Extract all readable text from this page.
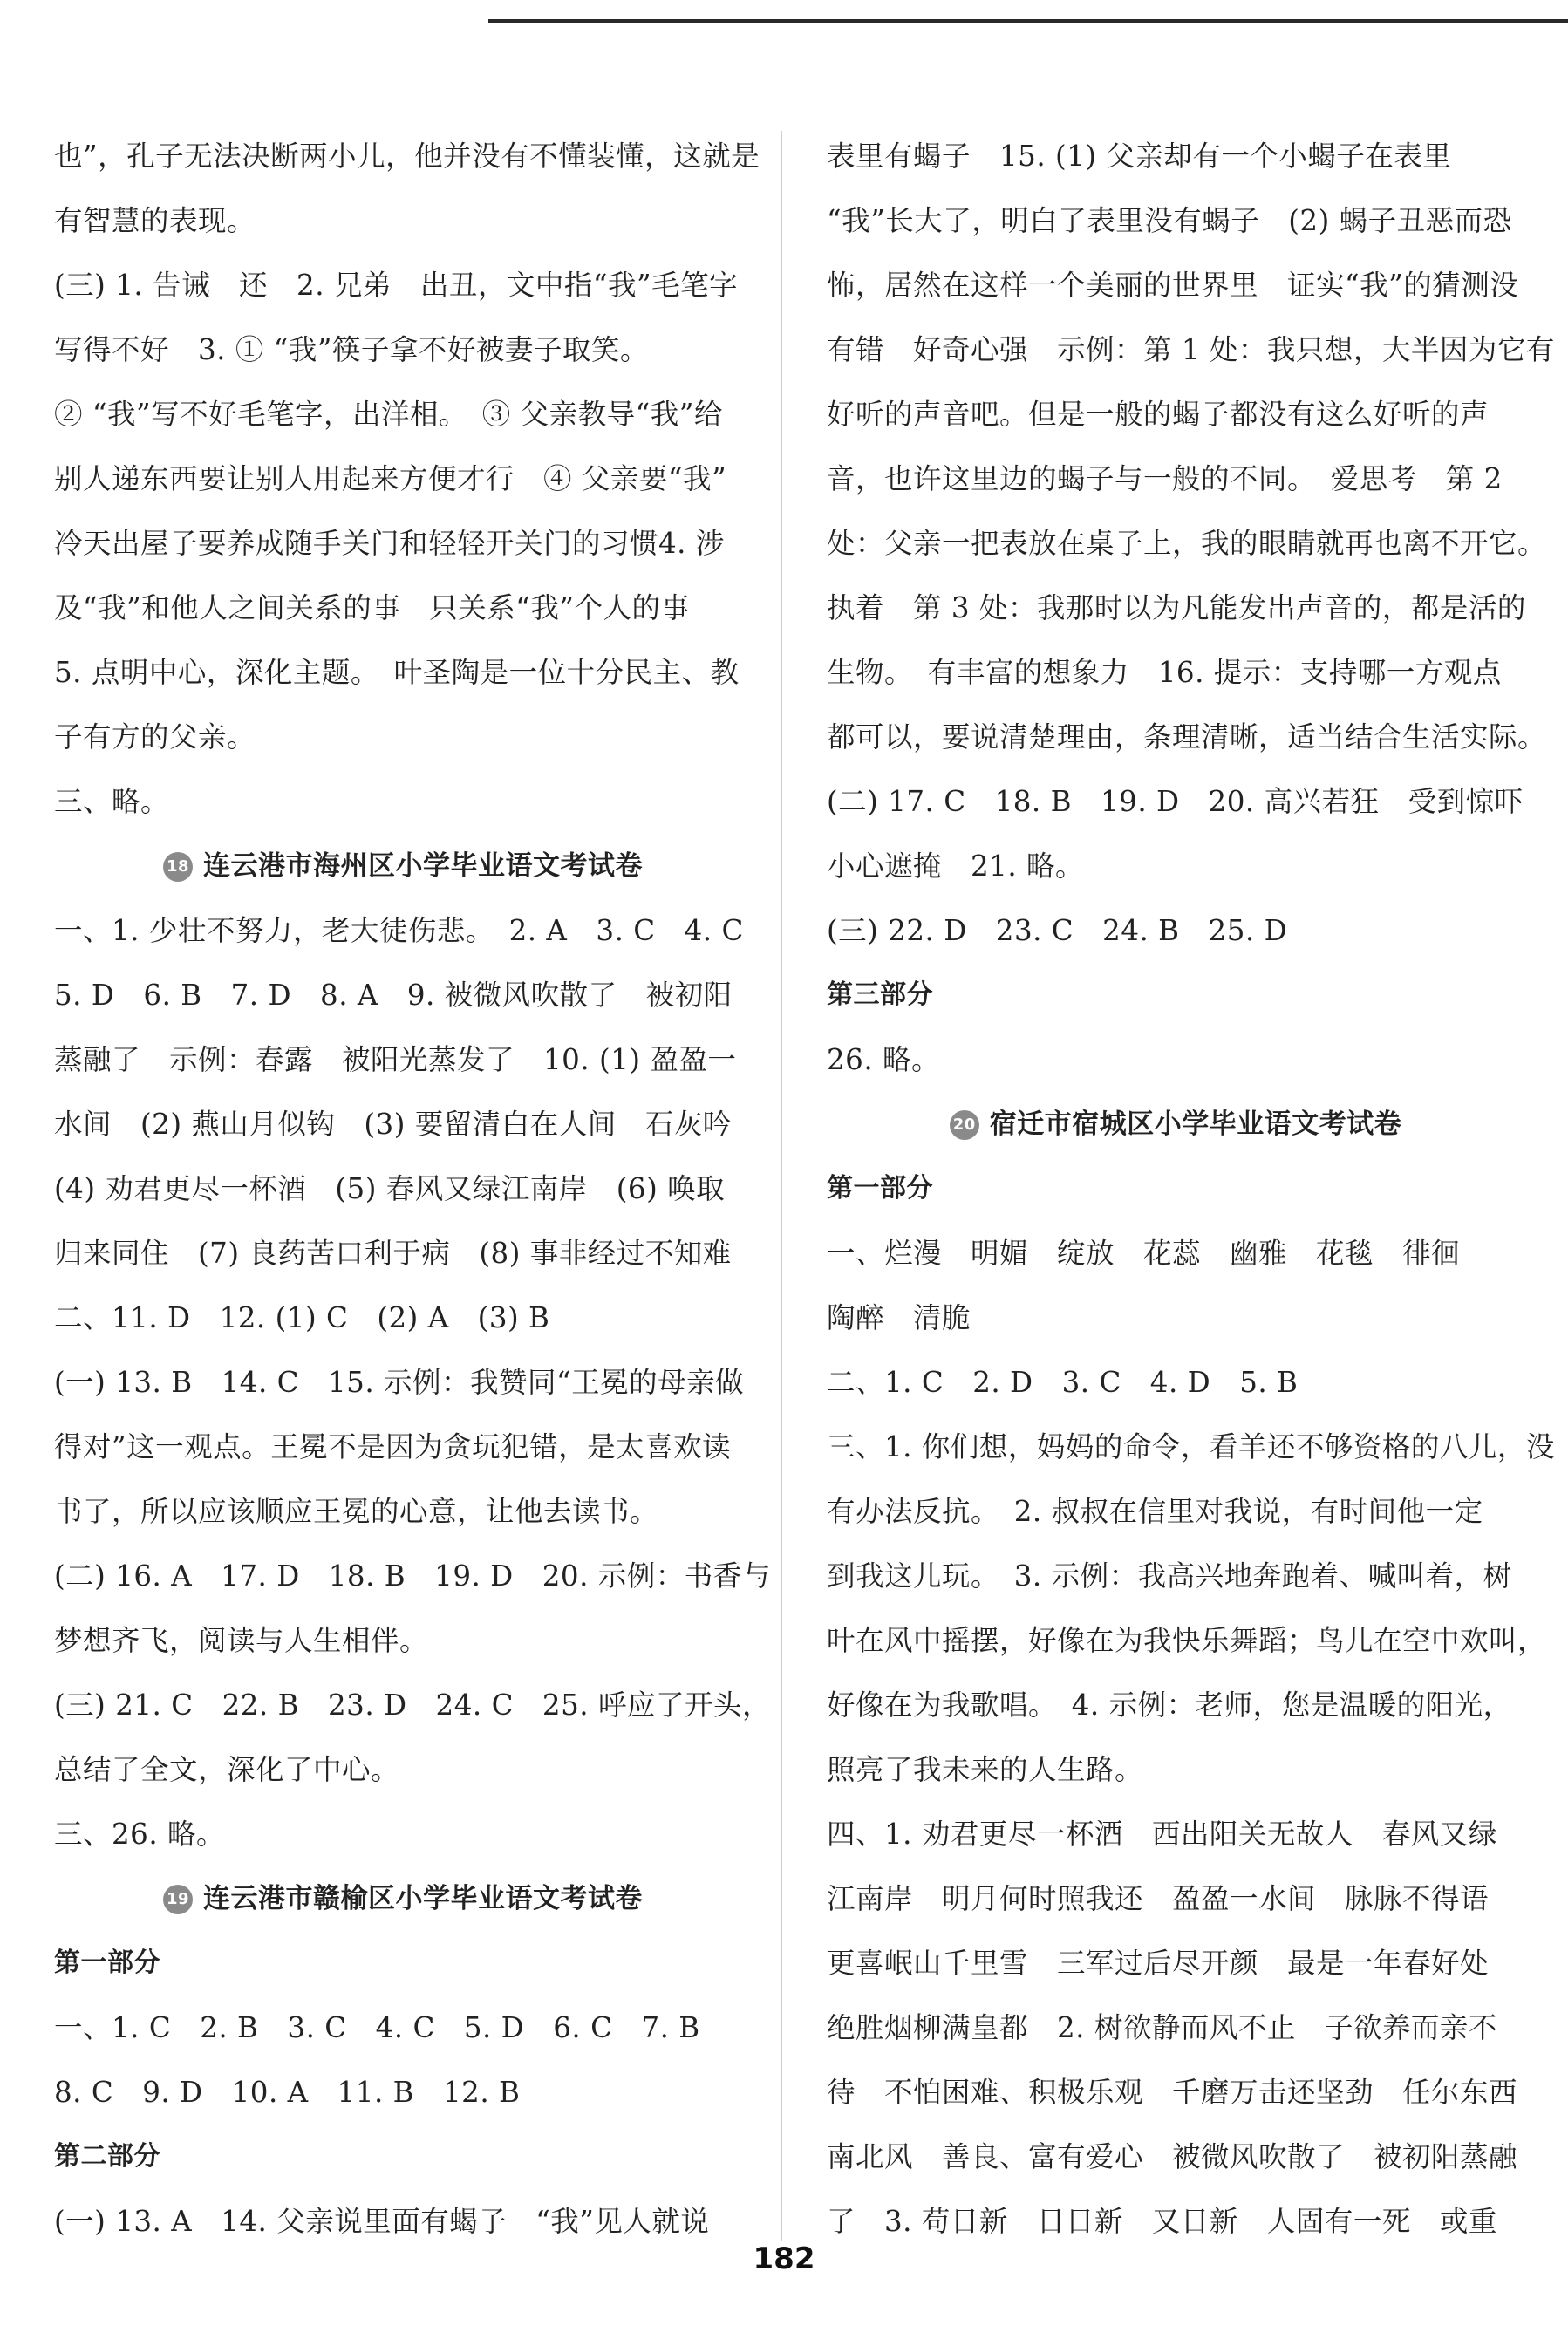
也”，孔子无法决断两小儿，他并没有不懂装懂，这就是
有智慧的表现。
(三) 1. 告诫　还　2. 兄弟　出丑，文中指“我”毛笔字
写得不好　3. ① “我”筷子拿不好被妻子取笑。
② “我”写不好毛笔字，出洋相。　③ 父亲教导“我”给
别人递东西要让别人用起来方便才行　④ 父亲要“我”
冷天出屋子要养成随手关门和轻轻开关门的习惯4. 涉
及“我”和他人之间关系的事　只关系“我”个人的事
5. 点明中心，深化主题。　叶圣陶是一位十分民主、教
子有方的父亲。
三、略。
18 连云港市海州区小学毕业语文考试卷
一、1. 少壮不努力，老大徒伤悲。　2. A　3. C　4. C
5. D　6. B　7. D　8. A　9. 被微风吹散了　被初阳
蒸融了　示例：春露　被阳光蒸发了　10. (1) 盈盈一
水间　(2) 燕山月似钩　(3) 要留清白在人间　石灰吟
(4) 劝君更尽一杯酒　(5) 春风又绿江南岸　(6) 唤取
归来同住　(7) 良药苦口利于病　(8) 事非经过不知难
二、11. D　12. (1) C　(2) A　(3) B
(一) 13. B　14. C　15. 示例：我赞同“王冕的母亲做
得对”这一观点。王冕不是因为贪玩犯错，是太喜欢读
书了，所以应该顺应王冕的心意，让他去读书。
(二) 16. A　17. D　18. B　19. D　20. 示例：书香与
梦想齐飞，阅读与人生相伴。
(三) 21. C　22. B　23. D　24. C　25. 呼应了开头，
总结了全文，深化了中心。
三、26. 略。
19 连云港市赣榆区小学毕业语文考试卷
第一部分
一、1. C　2. B　3. C　4. C　5. D　6. C　7. B
8. C　9. D　10. A　11. B　12. B
第二部分
(一) 13. A　14. 父亲说里面有蝎子　“我”见人就说
表里有蝎子　15. (1) 父亲却有一个小蝎子在表里
“我”长大了，明白了表里没有蝎子　(2) 蝎子丑恶而恐
怖，居然在这样一个美丽的世界里　证实“我”的猜测没
有错　好奇心强　示例：第 1 处：我只想，大半因为它有
好听的声音吧。但是一般的蝎子都没有这么好听的声
音，也许这里边的蝎子与一般的不同。　爱思考　第 2
处：父亲一把表放在桌子上，我的眼睛就再也离不开它。
执着　第 3 处：我那时以为凡能发出声音的，都是活的
生物。　有丰富的想象力　16. 提示：支持哪一方观点
都可以，要说清楚理由，条理清晰，适当结合生活实际。
(二) 17. C　18. B　19. D　20. 高兴若狂　受到惊吓
小心遮掩　21. 略。
(三) 22. D　23. C　24. B　25. D
第三部分
26. 略。
20 宿迁市宿城区小学毕业语文考试卷
第一部分
一、烂漫　明媚　绽放　花蕊　幽雅　花毯　徘徊
陶醉　清脆
二、1. C　2. D　3. C　4. D　5. B
三、1. 你们想，妈妈的命令，看羊还不够资格的八儿，没
有办法反抗。　2. 叔叔在信里对我说，有时间他一定
到我这儿玩。　3. 示例：我高兴地奔跑着、喊叫着，树
叶在风中摇摆，好像在为我快乐舞蹈；鸟儿在空中欢叫，
好像在为我歌唱。　4. 示例：老师，您是温暖的阳光，
照亮了我未来的人生路。
四、1. 劝君更尽一杯酒　西出阳关无故人　春风又绿
江南岸　明月何时照我还　盈盈一水间　脉脉不得语
更喜岷山千里雪　三军过后尽开颜　最是一年春好处
绝胜烟柳满皇都　2. 树欲静而风不止　子欲养而亲不
待　不怕困难、积极乐观　千磨万击还坚劲　任尔东西
南北风　善良、富有爱心　被微风吹散了　被初阳蒸融
了　3. 苟日新　日日新　又日新　人固有一死　或重
182
